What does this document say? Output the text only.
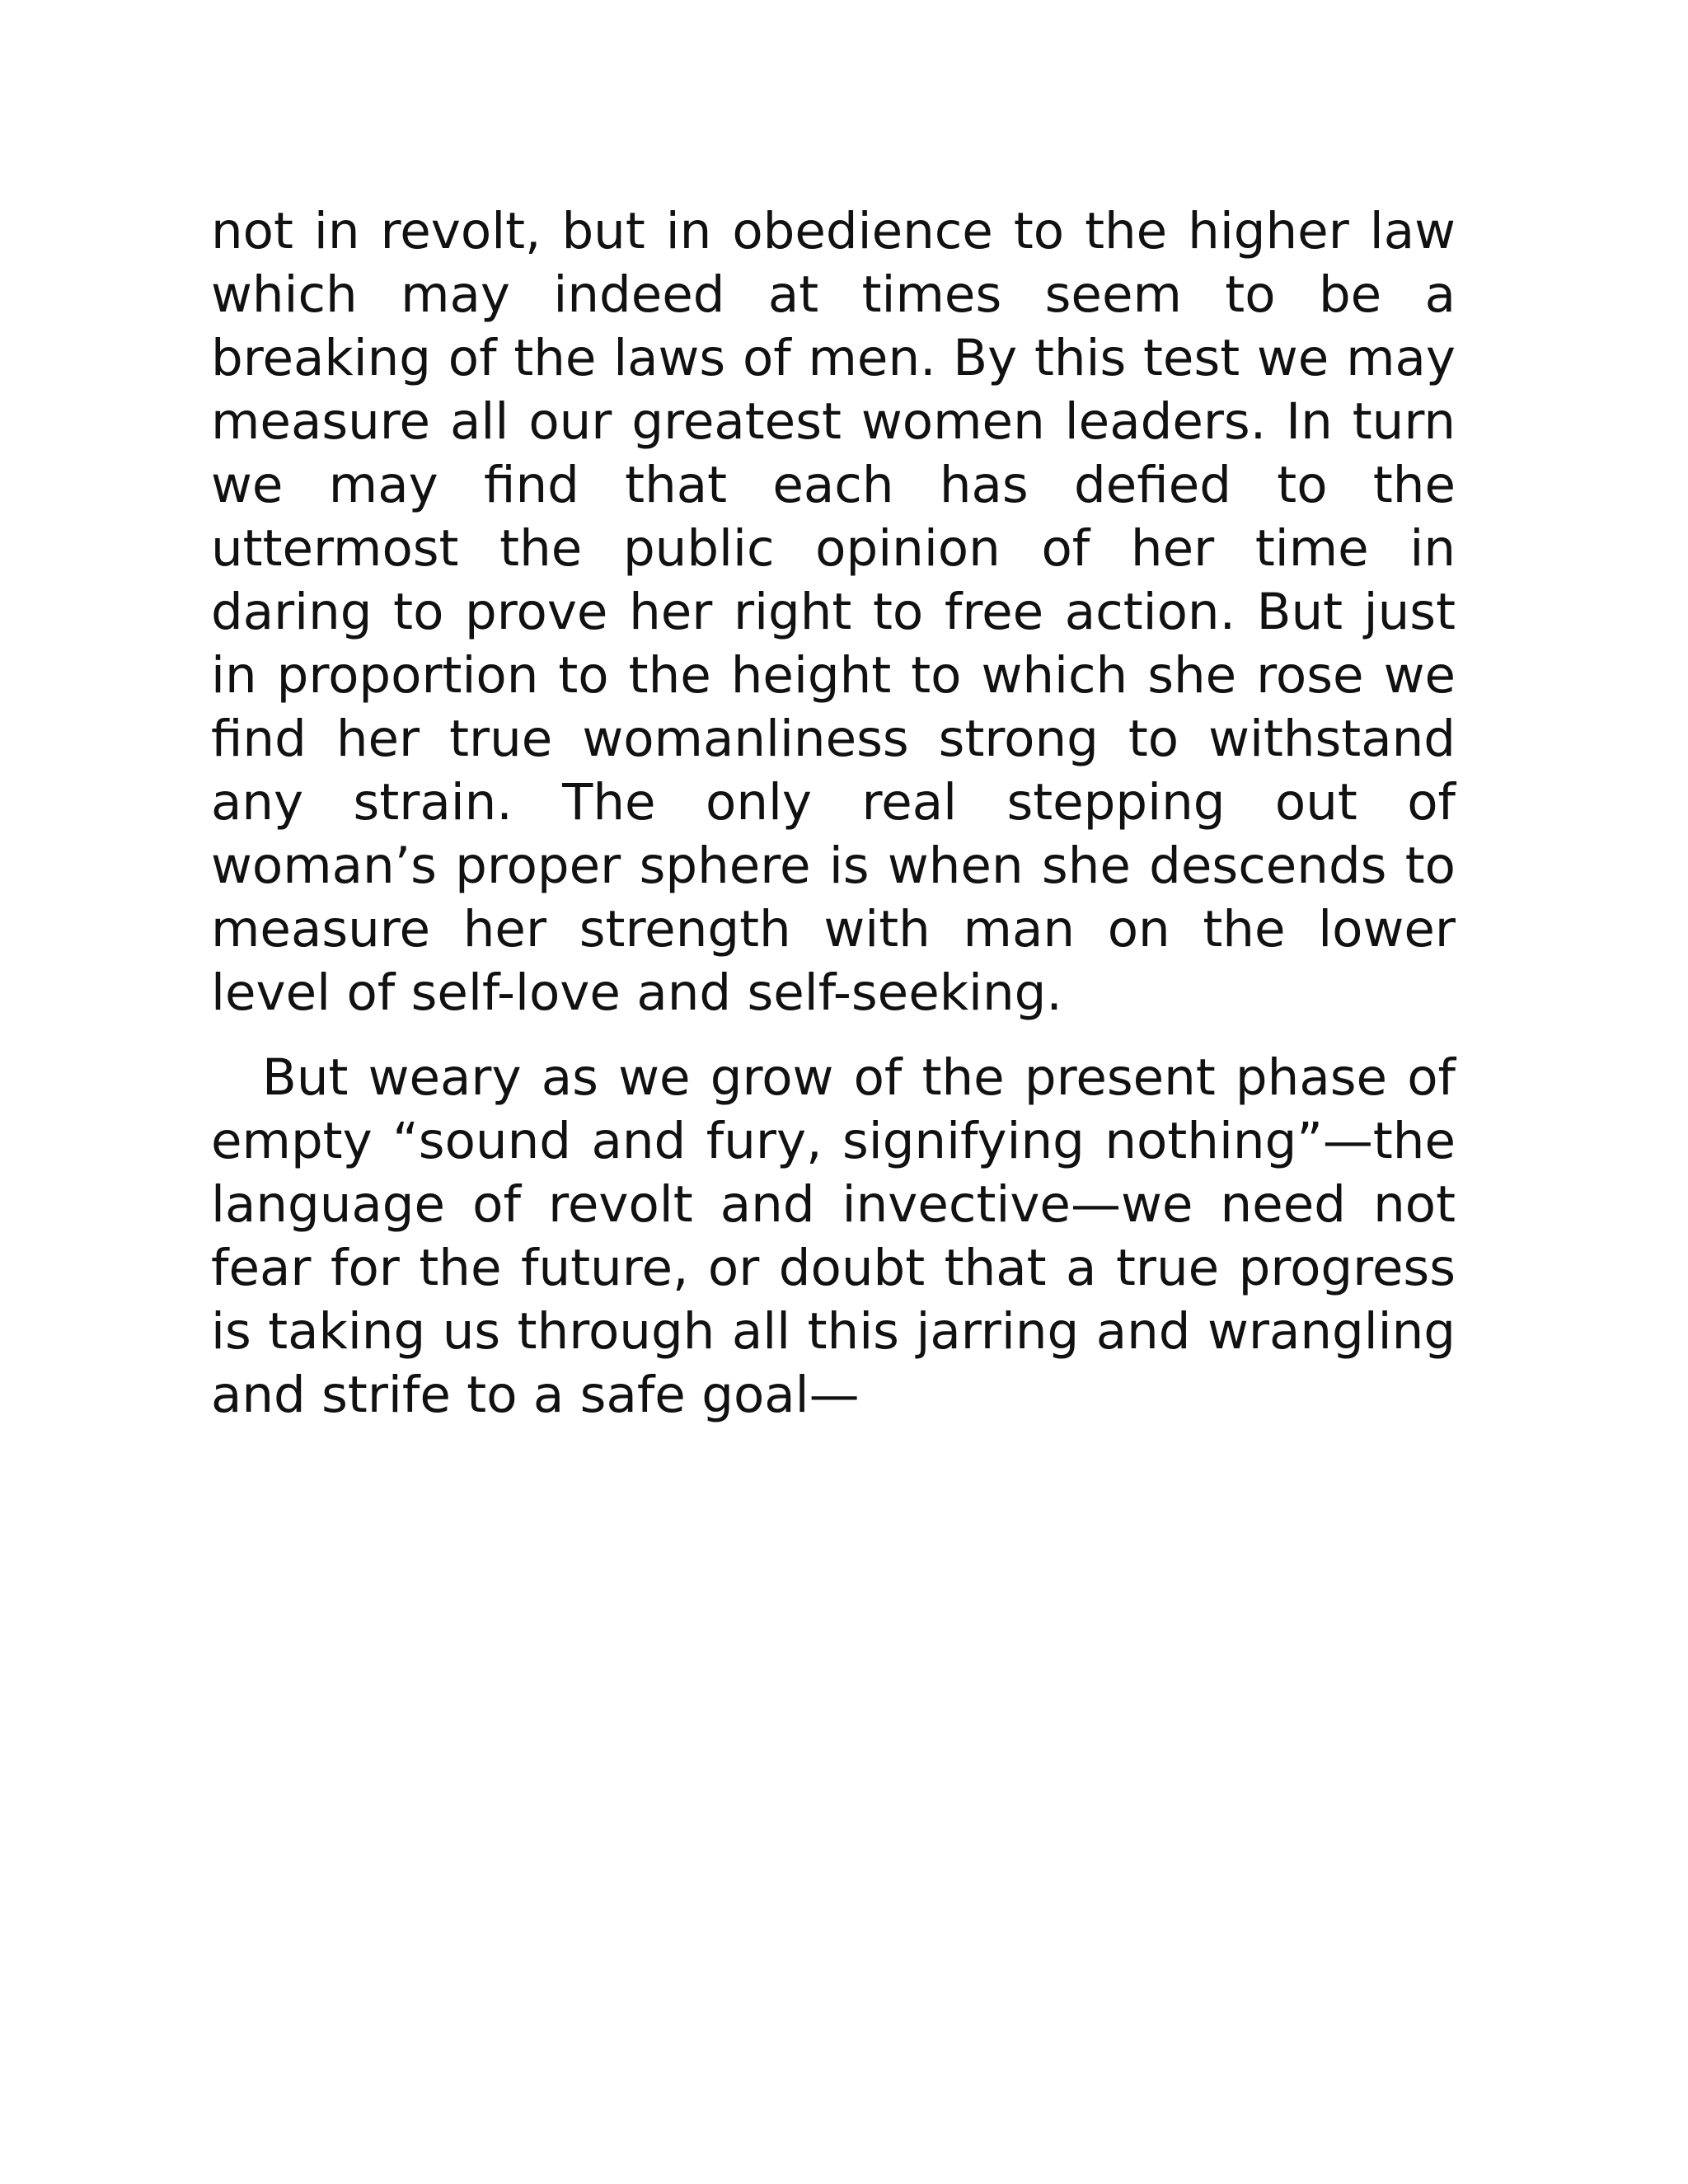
not in revolt, but in obedience to the higher law which may indeed at times seem to be a breaking of the laws of men. By this test we may measure all our greatest women leaders. In turn we may find that each has defied to the uttermost the public opinion of her time in daring to prove her right to free action. But just in proportion to the height to which she rose we find her true womanliness strong to withstand any strain. The only real stepping out of woman’s proper sphere is when she descends to measure her strength with man on the lower level of self-love and self-seeking.

But weary as we grow of the present phase of empty “sound and fury, signifying nothing”—the language of revolt and invective—we need not fear for the future, or doubt that a true progress is taking us through all this jarring and wrangling and strife to a safe goal—
